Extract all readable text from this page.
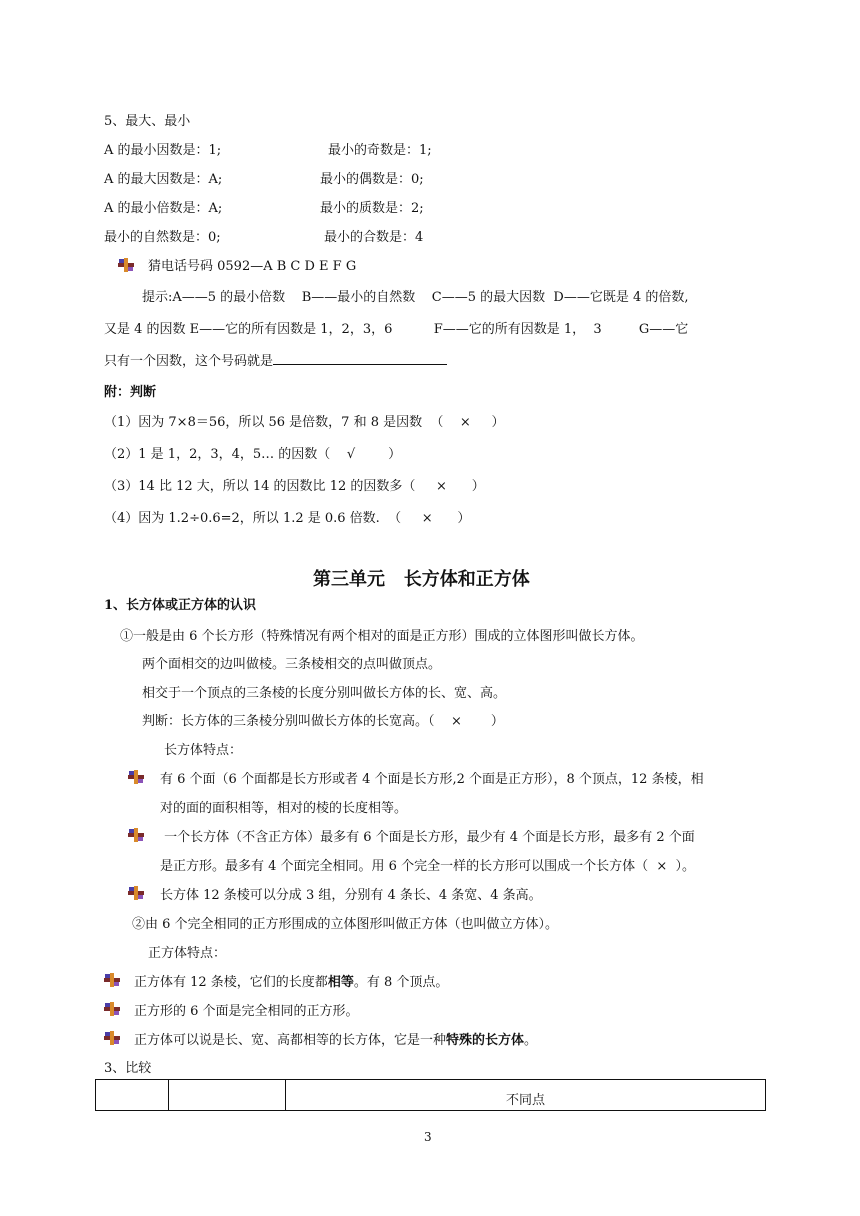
5、最大、最小
A 的最小因数是：1;	最小的奇数是：1;
A 的最大因数是：A;	最小的偶数是：0;
A 的最小倍数是：A;	最小的质数是：2;
最小的自然数是：0;	最小的合数是：4
猜电话号码 0592—A B C D E F G
提示:A——5 的最小倍数    B——最小的自然数    C——5 的最大因数  D——它既是 4 的倍数,
又是 4 的因数 E——它的所有因数是 1，2，3，6          F——它的所有因数是 1，  3         G——它
只有一个因数，这个号码就是
附：判断
（1）因为 7×8＝56，所以 56 是倍数，7 和 8 是因数  （    ×     ）
（2）1 是 1，2，3，4，5… 的因数（    √        ）
（3）14 比 12 大，所以 14 的因数比 12 的因数多（     ×      ）
（4）因为 1.2÷0.6=2，所以 1.2 是 0.6 倍数.  （     ×      ）
第三单元   长方体和正方体
1、长方体或正方体的认识
①一般是由 6 个长方形（特殊情况有两个相对的面是正方形）围成的立体图形叫做长方体。
两个面相交的边叫做棱。三条棱相交的点叫做顶点。
相交于一个顶点的三条棱的长度分别叫做长方体的长、宽、高。
判断：长方体的三条棱分别叫做长方体的长宽高。（    ×       ）
长方体特点：
有 6 个面（6 个面都是长方形或者 4 个面是长方形,2 个面是正方形），8 个顶点，12 条棱，相
对的面的面积相等，相对的棱的长度相等。
一个长方体（不含正方体）最多有 6 个面是长方形，最少有 4 个面是长方形，最多有 2 个面
是正方形。最多有 4 个面完全相同。用 6 个完全一样的长方形可以围成一个长方体（  ×  ）。
长方体 12 条棱可以分成 3 组，分别有 4 条长、4 条宽、4 条高。
②由 6 个完全相同的正方形围成的立体图形叫做正方体（也叫做立方体）。
正方体特点：
正方体有 12 条棱，它们的长度都相等。有 8 个顶点。
正方形的 6 个面是完全相同的正方形。
正方体可以说是长、宽、高都相等的长方体，它是一种特殊的长方体。
3、比较
		不同点
3
